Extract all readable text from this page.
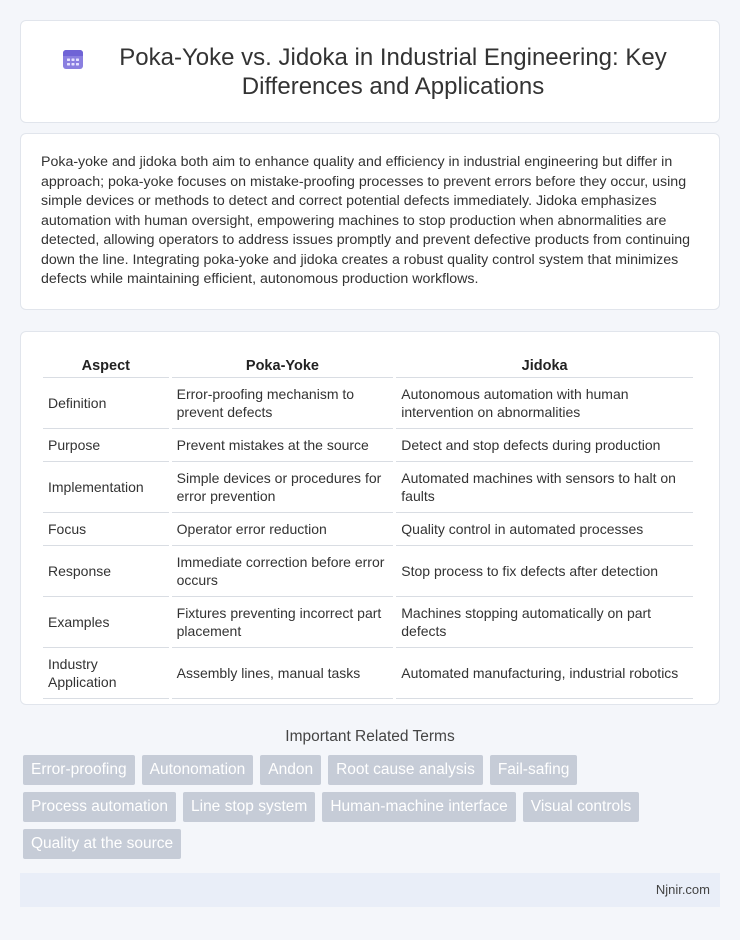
Poka-Yoke vs. Jidoka in Industrial Engineering: Key Differences and Applications

Poka-yoke and jidoka both aim to enhance quality and efficiency in industrial engineering but differ in approach; poka-yoke focuses on mistake-proofing processes to prevent errors before they occur, using simple devices or methods to detect and correct potential defects immediately. Jidoka emphasizes automation with human oversight, empowering machines to stop production when abnormalities are detected, allowing operators to address issues promptly and prevent defective products from continuing down the line. Integrating poka-yoke and jidoka creates a robust quality control system that minimizes defects while maintaining efficient, autonomous production workflows.

Aspect	Poka-Yoke	Jidoka
Definition	Error-proofing mechanism to prevent defects	Autonomous automation with human intervention on abnormalities
Purpose	Prevent mistakes at the source	Detect and stop defects during production
Implementation	Simple devices or procedures for error prevention	Automated machines with sensors to halt on faults
Focus	Operator error reduction	Quality control in automated processes
Response	Immediate correction before error occurs	Stop process to fix defects after detection
Examples	Fixtures preventing incorrect part placement	Machines stopping automatically on part defects
Industry Application	Assembly lines, manual tasks	Automated manufacturing, industrial robotics
Important Related Terms
Error-proofing	Autonomation	Andon	Root cause analysis	Fail-safing
Process automation	Line stop system	Human-machine interface	Visual controls
Quality at the source
Njnir.com
